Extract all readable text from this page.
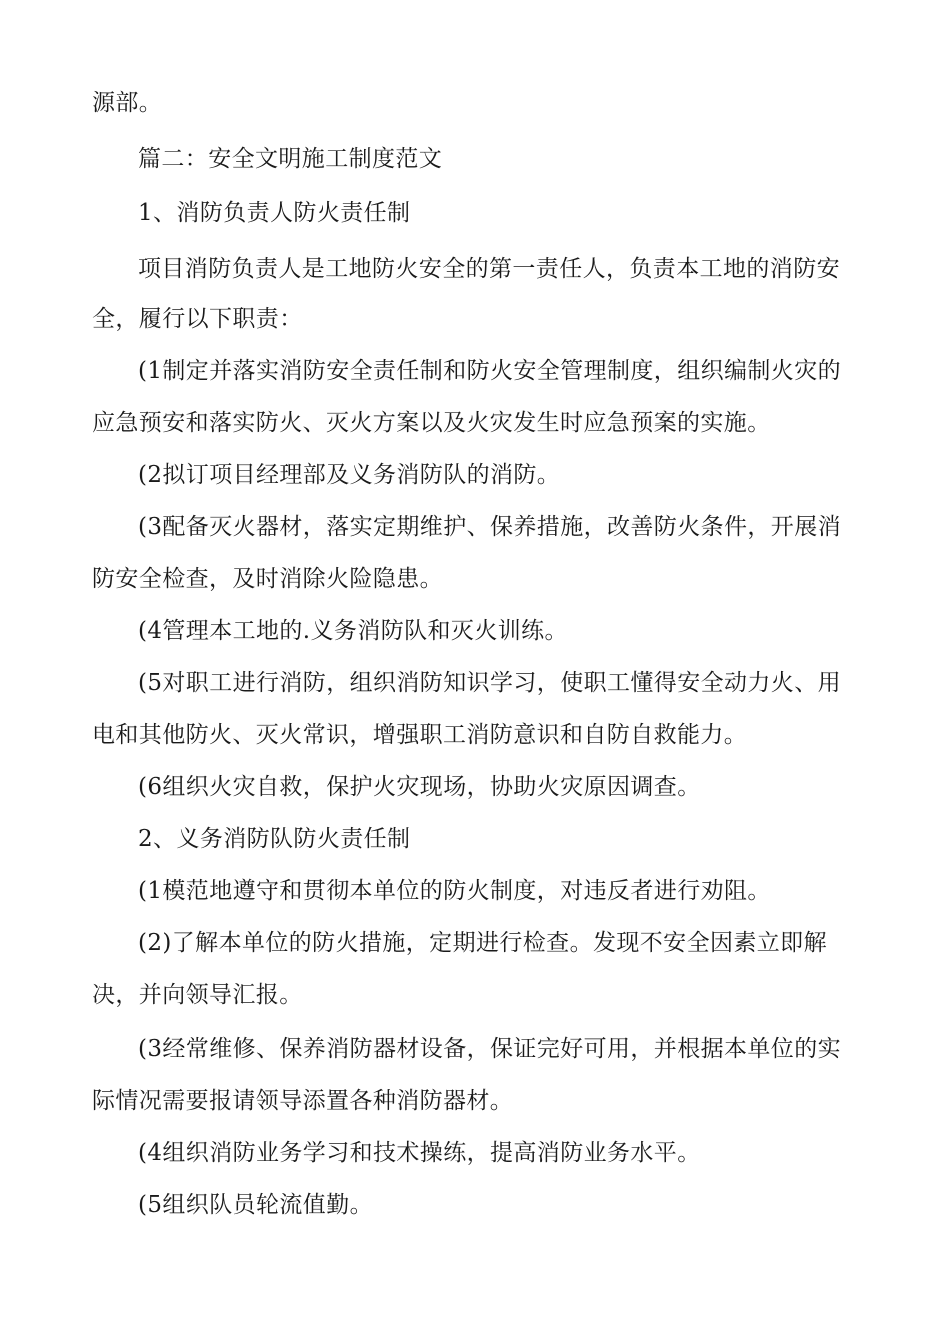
源部。
篇二：安全文明施工制度范文
1、消防负责人防火责任制
项目消防负责人是工地防火安全的第一责任人，负责本工地的消防安
全，履行以下职责：
(1制定并落实消防安全责任制和防火安全管理制度，组织编制火灾的
应急预安和落实防火、灭火方案以及火灾发生时应急预案的实施。
(2拟订项目经理部及义务消防队的消防。
(3配备灭火器材，落实定期维护、保养措施，改善防火条件，开展消
防安全检查，及时消除火险隐患。
(4管理本工地的.义务消防队和灭火训练。
(5对职工进行消防，组织消防知识学习，使职工懂得安全动力火、用
电和其他防火、灭火常识，增强职工消防意识和自防自救能力。
(6组织火灾自救，保护火灾现场，协助火灾原因调查。
2、义务消防队防火责任制
(1模范地遵守和贯彻本单位的防火制度，对违反者进行劝阻。
(2)了解本单位的防火措施，定期进行检查。发现不安全因素立即解
决，并向领导汇报。
(3经常维修、保养消防器材设备，保证完好可用，并根据本单位的实
际情况需要报请领导添置各种消防器材。
(4组织消防业务学习和技术操练，提高消防业务水平。
(5组织队员轮流值勤。
